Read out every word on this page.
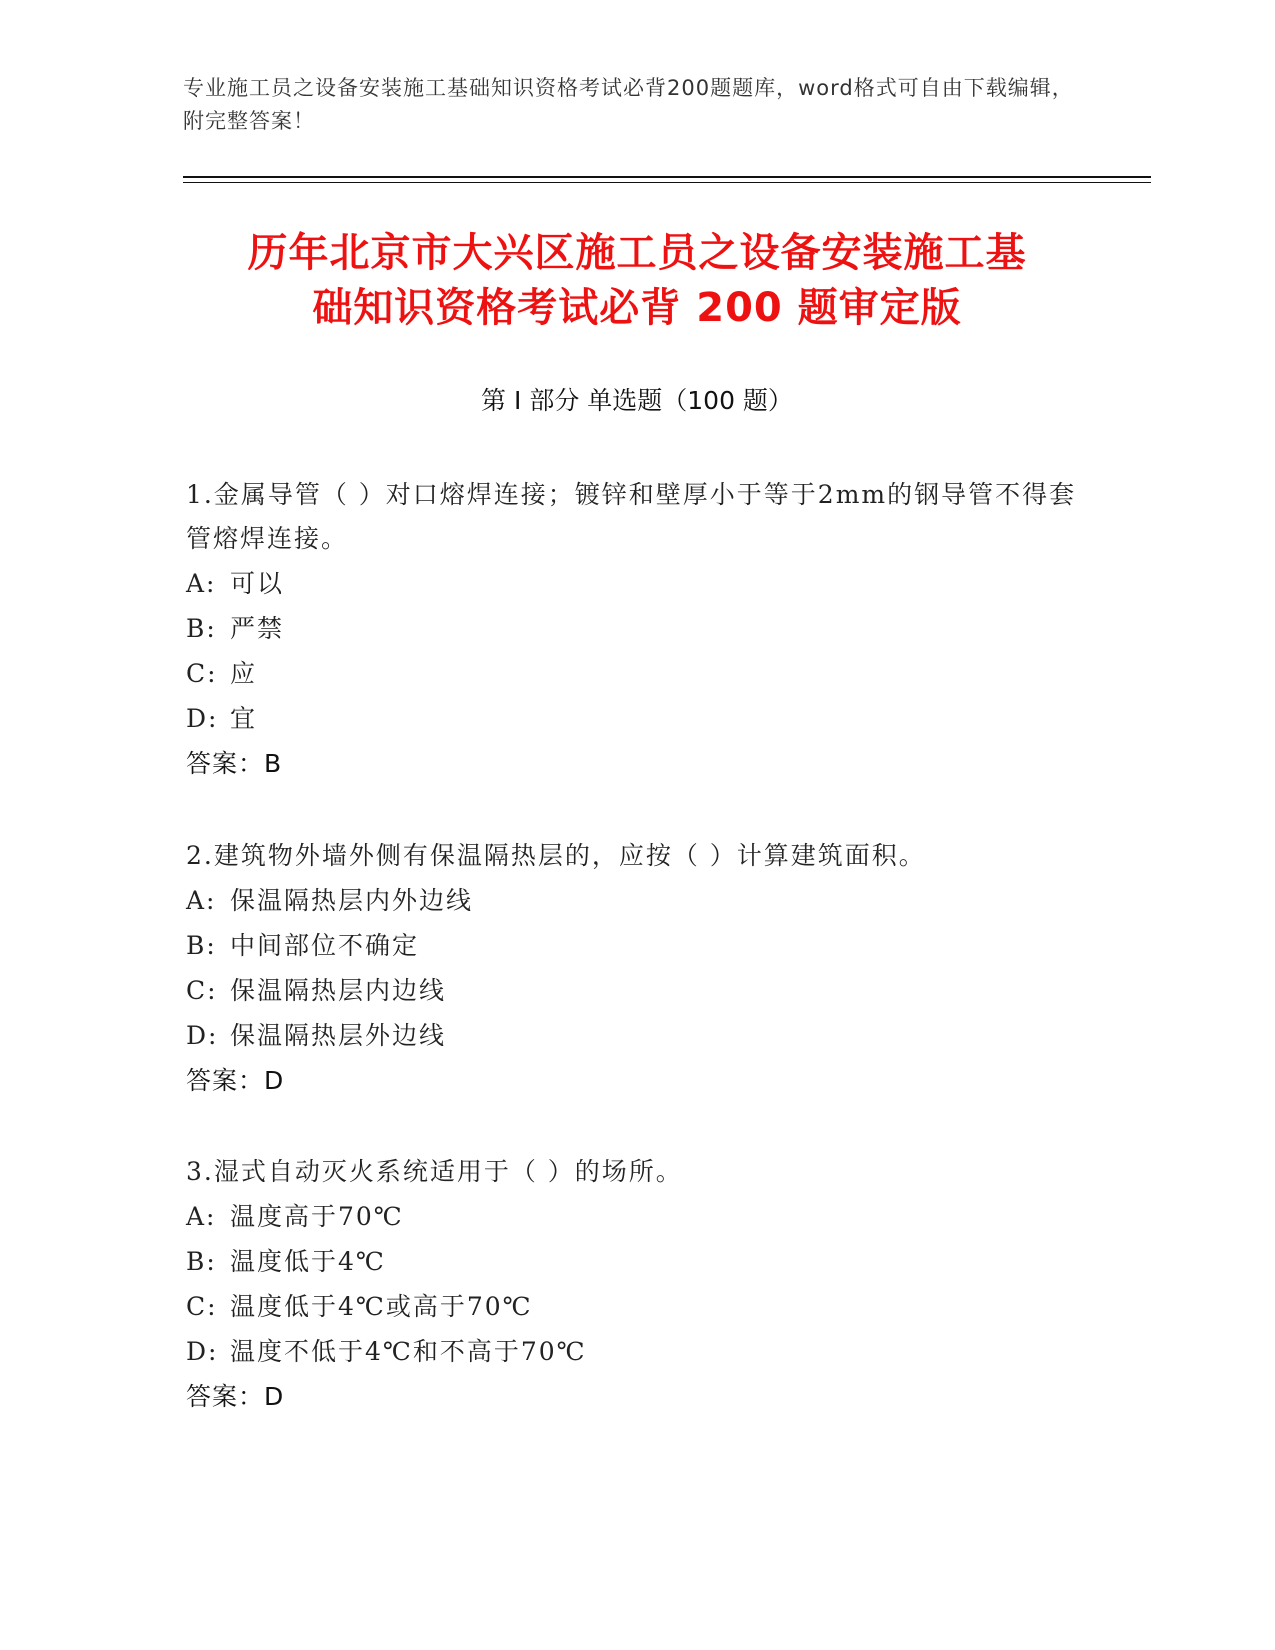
专业施工员之设备安装施工基础知识资格考试必背200题题库，word格式可自由下载编辑，附完整答案！
历年北京市大兴区施工员之设备安装施工基
础知识资格考试必背 200 题审定版
第 I 部分 单选题（100 题）

1.金属导管（ ）对口熔焊连接；镀锌和壁厚小于等于2mm的钢导管不得套管熔焊连接。

A: 可以

B: 严禁

C: 应

D: 宜

答案：B

2.建筑物外墙外侧有保温隔热层的，应按（ ）计算建筑面积。

A: 保温隔热层内外边线

B: 中间部位不确定

C: 保温隔热层内边线

D: 保温隔热层外边线

答案：D

3.湿式自动灭火系统适用于（ ）的场所。

A: 温度高于70℃

B: 温度低于4℃

C: 温度低于4℃或高于70℃

D: 温度不低于4℃和不高于70℃

答案：D
